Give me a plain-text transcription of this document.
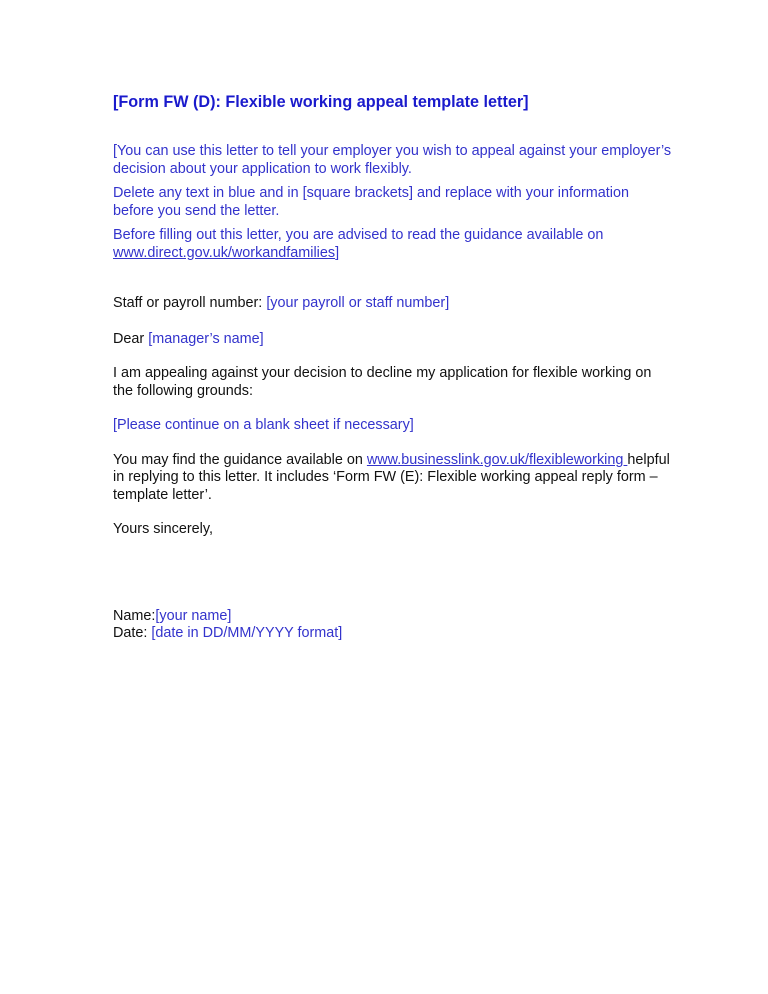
[Form FW (D): Flexible working appeal template letter]

[You can use this letter to tell your employer you wish to appeal against your employer’s decision about your application to work flexibly.

Delete any text in blue and in [square brackets] and replace with your information before you send the letter.

Before filling out this letter, you are advised to read the guidance available on www.direct.gov.uk/workandfamilies]

Staff or payroll number: [your payroll or staff number]

Dear [manager’s name]

I am appealing against your decision to decline my application for flexible working on the following grounds:

[Please continue on a blank sheet if necessary]

You may find the guidance available on www.businesslink.gov.uk/flexibleworking helpful in replying to this letter. It includes ‘Form FW (E): Flexible working appeal reply form – template letter’.

Yours sincerely,

Name:[your name]

Date: [date in DD/MM/YYYY format]
